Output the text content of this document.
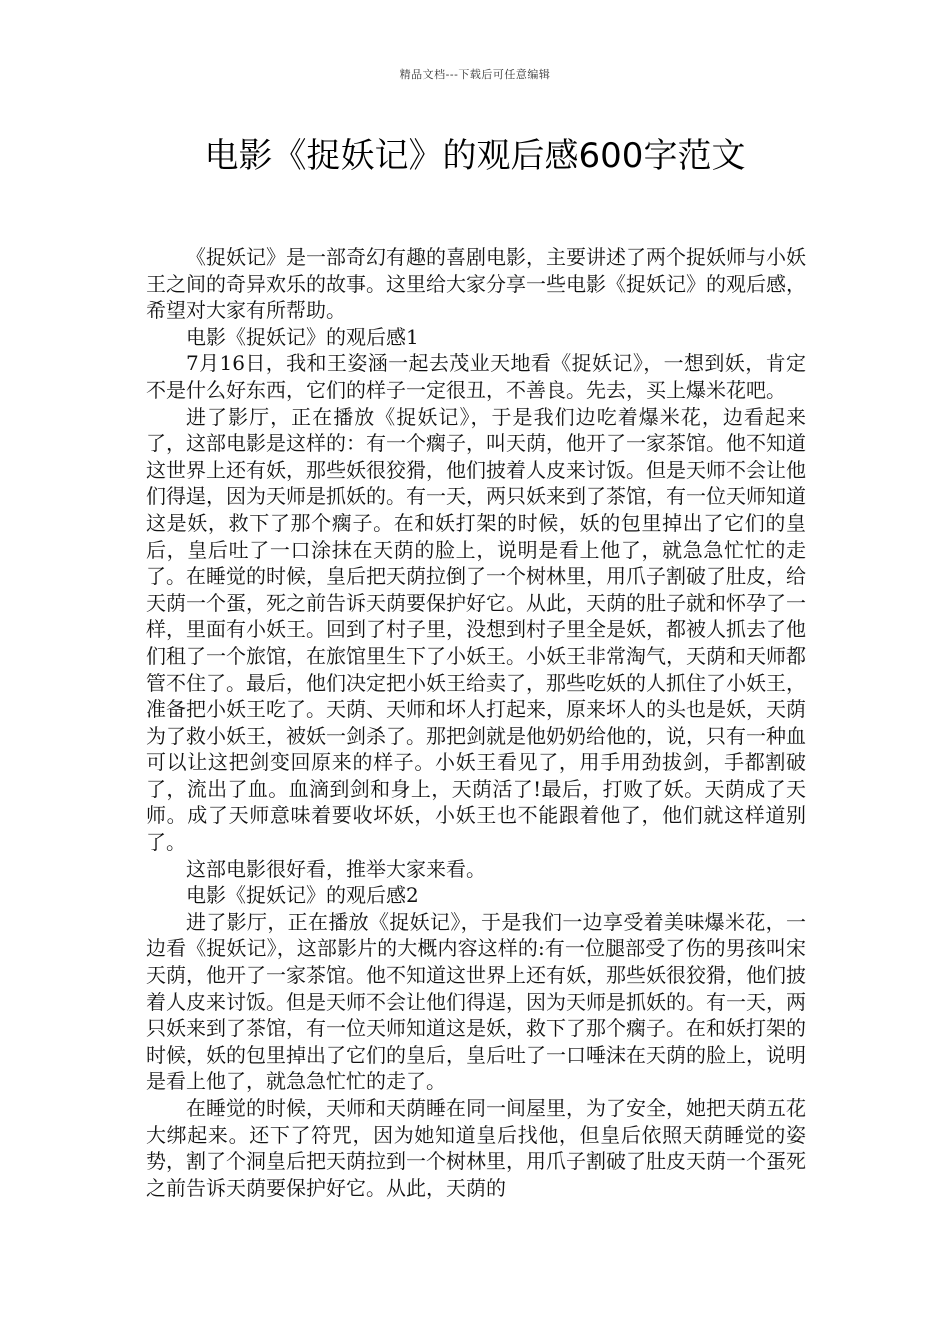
精品文档---下载后可任意编辑
电影《捉妖记》的观后感600字范文

《捉妖记》是一部奇幻有趣的喜剧电影，主要讲述了两个捉妖师与小妖王之间的奇异欢乐的故事。这里给大家分享一些电影《捉妖记》的观后感，希望对大家有所帮助。

电影《捉妖记》的观后感1

7月16日，我和王姿涵一起去茂业天地看《捉妖记》，一想到妖，肯定不是什么好东西，它们的样子一定很丑，不善良。先去，买上爆米花吧。

进了影厅，正在播放《捉妖记》，于是我们边吃着爆米花，边看起来了，这部电影是这样的：有一个瘸子，叫天荫，他开了一家茶馆。他不知道这世界上还有妖，那些妖很狡猾，他们披着人皮来讨饭。但是天师不会让他们得逞，因为天师是抓妖的。有一天，两只妖来到了茶馆，有一位天师知道这是妖，救下了那个瘸子。在和妖打架的时候，妖的包里掉出了它们的皇后，皇后吐了一口涂抹在天荫的脸上，说明是看上他了，就急急忙忙的走了。在睡觉的时候，皇后把天荫拉倒了一个树林里，用爪子割破了肚皮，给天荫一个蛋，死之前告诉天荫要保护好它。从此，天荫的肚子就和怀孕了一样，里面有小妖王。回到了村子里，没想到村子里全是妖，都被人抓去了他们租了一个旅馆，在旅馆里生下了小妖王。小妖王非常淘气，天荫和天师都管不住了。最后，他们决定把小妖王给卖了，那些吃妖的人抓住了小妖王，准备把小妖王吃了。天荫、天师和坏人打起来，原来坏人的头也是妖，天荫为了救小妖王，被妖一剑杀了。那把剑就是他奶奶给他的，说，只有一种血可以让这把剑变回原来的样子。小妖王看见了，用手用劲拔剑，手都割破了，流出了血。血滴到剑和身上，天荫活了!最后，打败了妖。天荫成了天师。成了天师意味着要收坏妖，小妖王也不能跟着他了，他们就这样道别了。

这部电影很好看，推举大家来看。

电影《捉妖记》的观后感2

进了影厅，正在播放《捉妖记》，于是我们一边享受着美味爆米花，一边看《捉妖记》，这部影片的大概内容这样的:有一位腿部受了伤的男孩叫宋天荫，他开了一家茶馆。他不知道这世界上还有妖，那些妖很狡猾，他们披着人皮来讨饭。但是天师不会让他们得逞，因为天师是抓妖的。有一天，两只妖来到了茶馆，有一位天师知道这是妖，救下了那个瘸子。在和妖打架的时候，妖的包里掉出了它们的皇后，皇后吐了一口唾沫在天荫的脸上，说明是看上他了，就急急忙忙的走了。

在睡觉的时候，天师和天荫睡在同一间屋里，为了安全，她把天荫五花大绑起来。还下了符咒，因为她知道皇后找他，但皇后依照天荫睡觉的姿势，割了个洞皇后把天荫拉到一个树林里，用爪子割破了肚皮天荫一个蛋死之前告诉天荫要保护好它。从此，天荫的
